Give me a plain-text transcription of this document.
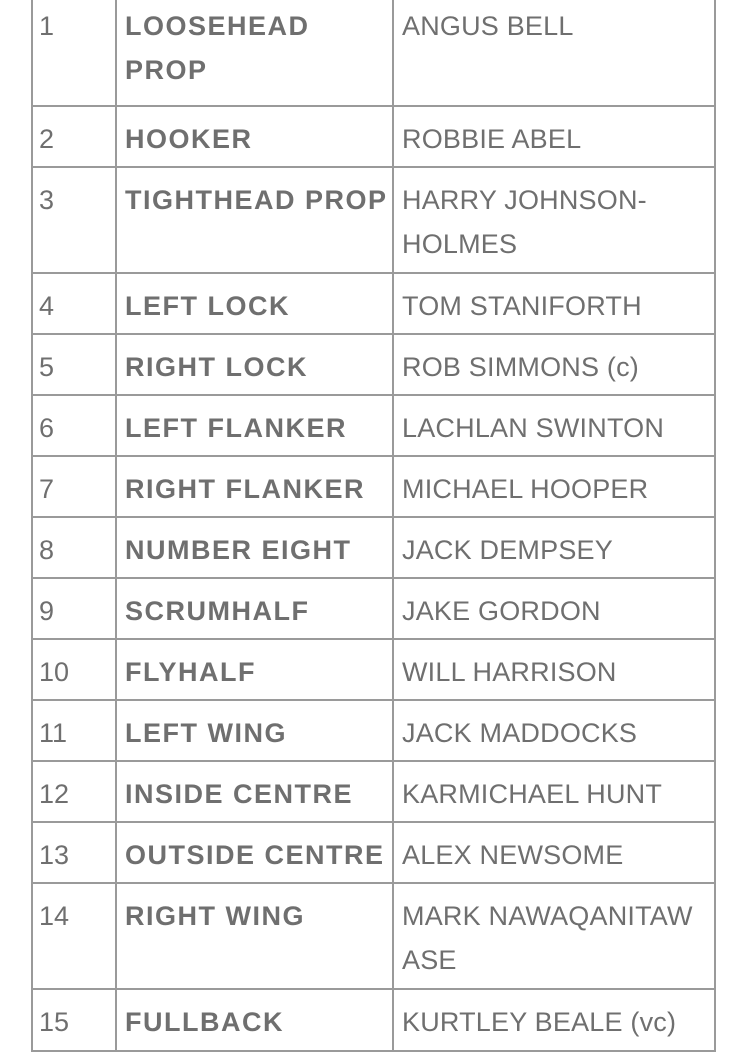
1	LOOSEHEAD PROP	ANGUS BELL
2	HOOKER	ROBBIE ABEL
3	TIGHTHEAD PROP	HARRY JOHNSON-HOLMES
4	LEFT LOCK	TOM STANIFORTH
5	RIGHT LOCK	ROB SIMMONS (c)
6	LEFT FLANKER	LACHLAN SWINTON
7	RIGHT FLANKER	MICHAEL HOOPER
8	NUMBER EIGHT	JACK DEMPSEY
9	SCRUMHALF	JAKE GORDON
10	FLYHALF	WILL HARRISON
11	LEFT WING	JACK MADDOCKS
12	INSIDE CENTRE	KARMICHAEL HUNT
13	OUTSIDE CENTRE	ALEX NEWSOME
14	RIGHT WING	MARK NAWAQANITAWASE
15	FULLBACK	KURTLEY BEALE (vc)
